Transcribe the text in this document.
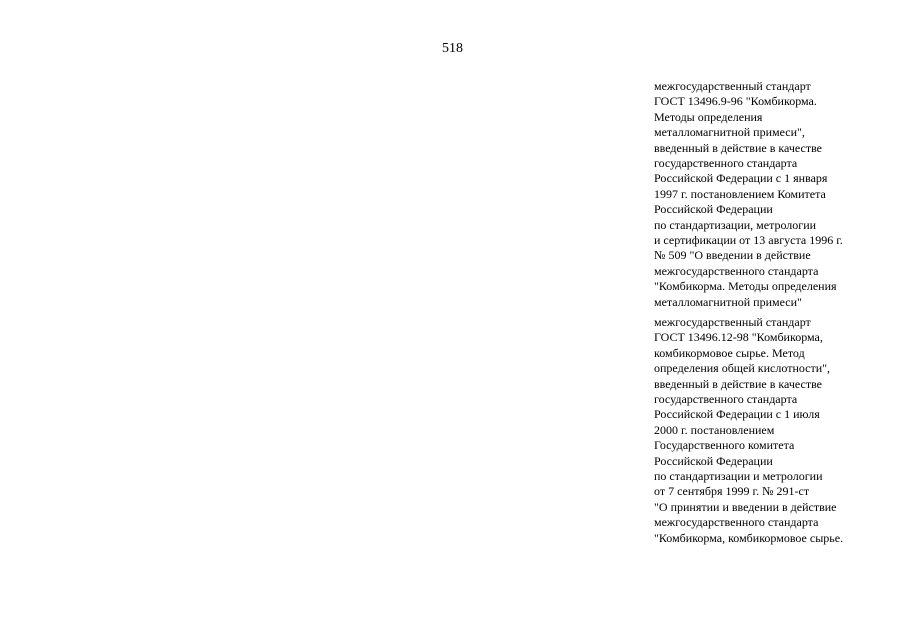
518
межгосударственный стандарт
ГОСТ 13496.9-96 "Комбикорма.
Методы определения
металломагнитной примеси",
введенный в действие в качестве
государственного стандарта
Российской Федерации с 1 января
1997 г. постановлением Комитета
Российской Федерации
по стандартизации, метрологии
и сертификации от 13 августа 1996 г.
№ 509 "О введении в действие
межгосударственного стандарта
"Комбикорма. Методы определения
металломагнитной примеси"
межгосударственный стандарт
ГОСТ 13496.12-98 "Комбикорма,
комбикормовое сырье. Метод
определения общей кислотности",
введенный в действие в качестве
государственного стандарта
Российской Федерации с 1 июля
2000 г. постановлением
Государственного комитета
Российской Федерации
по стандартизации и метрологии
от 7 сентября 1999 г. № 291-ст
"О принятии и введении в действие
межгосударственного стандарта
"Комбикорма, комбикормовое сырье.
